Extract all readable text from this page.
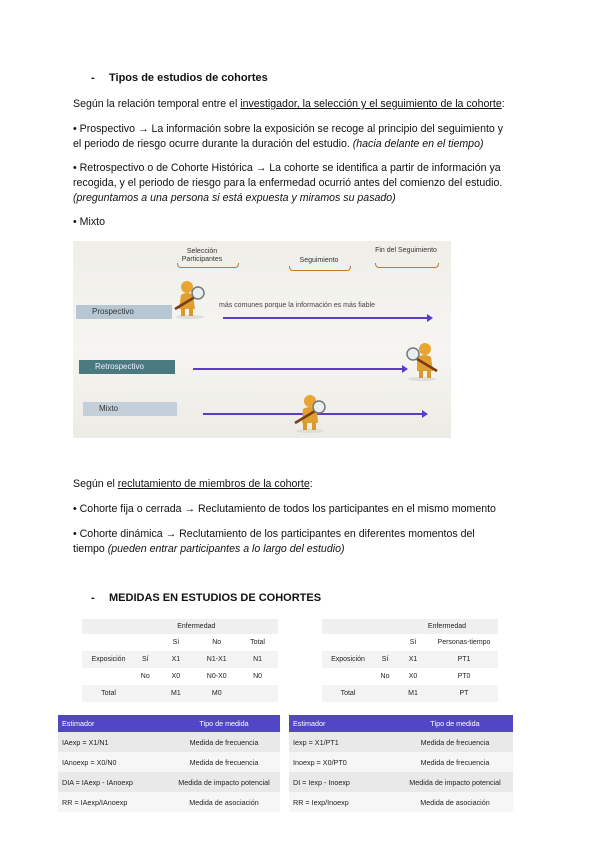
- Tipos de estudios de cohortes

Según la relación temporal entre el investigador, la selección y el seguimiento de la cohorte:

• Prospectivo → La información sobre la exposición se recoge al principio del seguimiento y

el periodo de riesgo ocurre durante la duración del estudio. (hacia delante en el tiempo)

• Retrospectivo o de Cohorte Histórica → La cohorte se identifica a partir de información ya

recogida, y el periodo de riesgo para la enfermedad ocurrió antes del comienzo del estudio.

(preguntamos a una persona si está expuesta y miramos su pasado)

• Mixto

Selección Participantes	Seguimiento
Fin del Seguimiento
más comunes porque la información es más fiable
Prospectivo
Retrospectivo
Mixto

Según el reclutamiento de miembros de la cohorte:

• Cohorte fija o cerrada → Reclutamiento de todos los participantes en el mismo momento

• Cohorte dinámica → Reclutamiento de los participantes en diferentes momentos del

tiempo (pueden entrar participantes a lo largo del estudio)

- MEDIDAS EN ESTUDIOS DE COHORTES
		Enfermedad		
		Sí	No	Total
Exposición	Sí	X1	N1-X1	N1
	No	X0	N0-X0	N0
Total		M1	M0	
		Enfermedad	
		Sí	Personas-tiempo
Exposición	Sí	X1	PT1
	No	X0	PT0
Total		M1	PT
Estimador	Tipo de medida
IAexp = X1/N1	Medida de frecuencia
IAnoexp = X0/N0	Medida de frecuencia
DIA = IAexp - IAnoexp	Medida de impacto potencial
RR = IAexp/IAnoexp	Medida de asociación
Estimador	Tipo de medida
Iexp = X1/PT1	Medida de frecuencia
Inoexp = X0/PT0	Medida de frecuencia
DI = Iexp - Inoexp	Medida de impacto potencial
RR = Iexp/Inoexp	Medida de asociación
